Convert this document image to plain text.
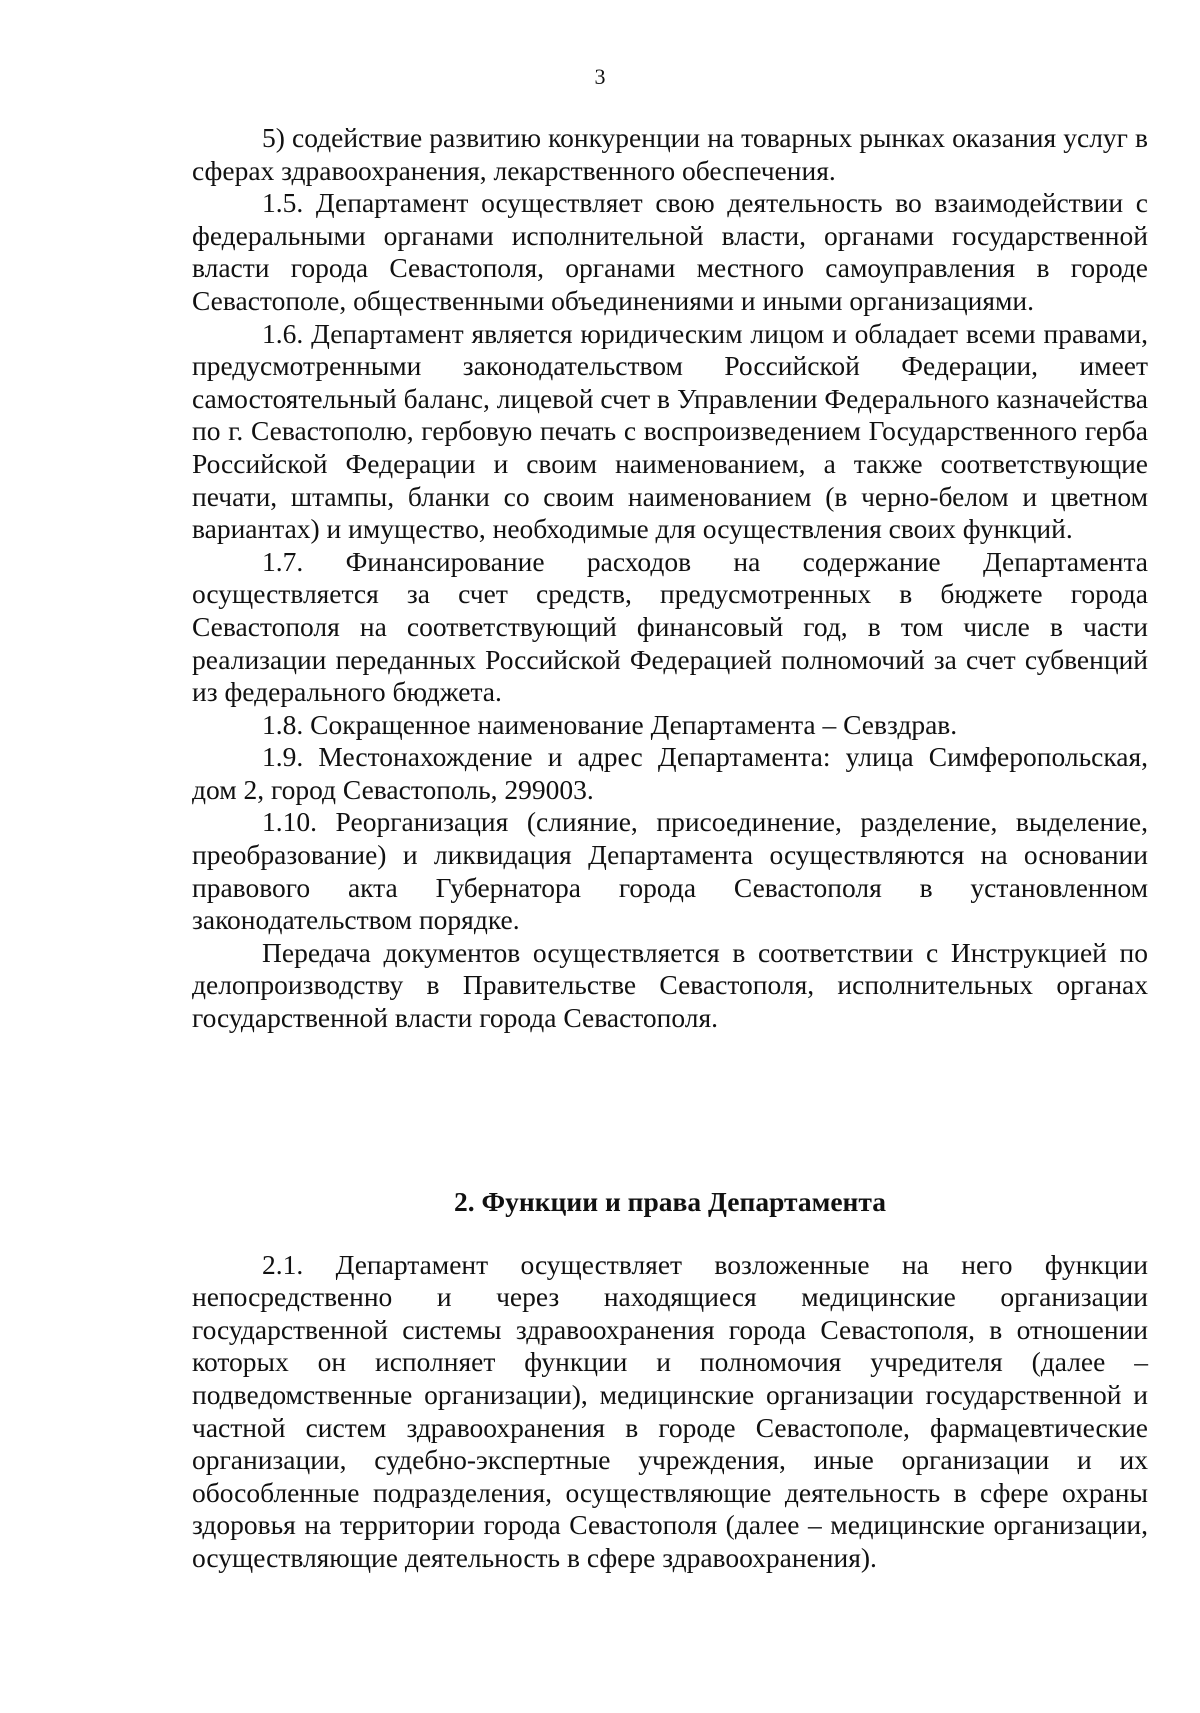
3

5) содействие развитию конкуренции на товарных рынках оказания услуг в сферах здравоохранения, лекарственного обеспечения.

1.5. Департамент осуществляет свою деятельность во взаимодействии с федеральными органами исполнительной власти, органами государственной власти города Севастополя, органами местного самоуправления в городе Севастополе, общественными объединениями и иными организациями.

1.6. Департамент является юридическим лицом и обладает всеми правами, предусмотренными законодательством Российской Федерации, имеет самостоятельный баланс, лицевой счет в Управлении Федерального казначейства по г. Севастополю, гербовую печать с воспроизведением Государственного герба Российской Федерации и своим наименованием, а также соответствующие печати, штампы, бланки со своим наименованием (в черно-белом и цветном вариантах) и имущество, необходимые для осуществления своих функций.

1.7. Финансирование расходов на содержание Департамента осуществляется за счет средств, предусмотренных в бюджете города Севастополя на соответствующий финансовый год, в том числе в части реализации переданных Российской Федерацией полномочий за счет субвенций из федерального бюджета.

1.8. Сокращенное наименование Департамента – Севздрав.

1.9. Местонахождение и адрес Департамента: улица Симферопольская, дом 2, город Севастополь, 299003.

1.10. Реорганизация (слияние, присоединение, разделение, выделение, преобразование) и ликвидация Департамента осуществляются на основании правового акта Губернатора города Севастополя в установленном законодательством порядке.

Передача документов осуществляется в соответствии с Инструкцией по делопроизводству в Правительстве Севастополя, исполнительных органах государственной власти города Севастополя.

2. Функции и права Департамента

2.1. Департамент осуществляет возложенные на него функции непосредственно и через находящиеся медицинские организации государственной системы здравоохранения города Севастополя, в отношении которых он исполняет функции и полномочия учредителя (далее – подведомственные организации), медицинские организации государственной и частной систем здравоохранения в городе Севастополе, фармацевтические организации, судебно-экспертные учреждения, иные организации и их обособленные подразделения, осуществляющие деятельность в сфере охраны здоровья на территории города Севастополя (далее – медицинские организации, осуществляющие деятельность в сфере здравоохранения).
